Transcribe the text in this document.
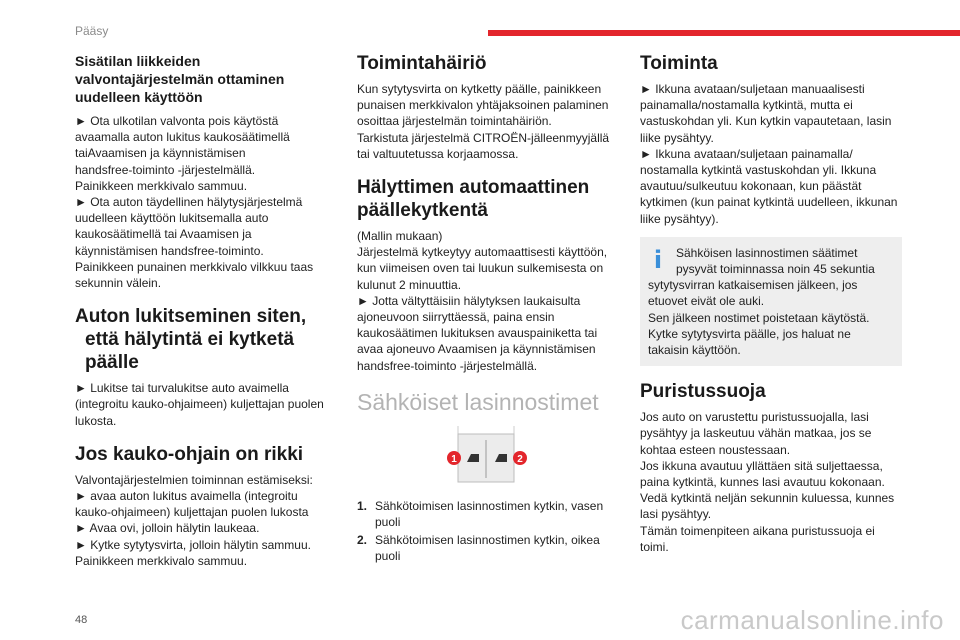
Pääsy

Sisätilan liikkeiden valvontajärjestelmän ottaminen uudelleen käyttöön

► Ota ulkotilan valvonta pois käytöstä

avaamalla auton lukitus kaukosäätimellä

taiAvaamisen ja käynnistämisen

handsfree-toiminto -järjestelmällä.

Painikkeen merkkivalo sammuu.

► Ota auton täydellinen hälytysjärjestelmä

uudelleen käyttöön lukitsemalla auto

kaukosäätimellä tai Avaamisen ja

käynnistämisen handsfree-toiminto.

Painikkeen punainen merkkivalo vilkkuu taas

sekunnin välein.

Auton lukitseminen siten, että hälytintä ei kytketä päälle

► Lukitse tai turvalukitse auto avaimella

(integroitu kauko-ohjaimeen) kuljettajan puolen

lukosta.

Jos kauko-ohjain on rikki

Valvontajärjestelmien toiminnan estämiseksi:

► avaa auton lukitus avaimella (integroitu

kauko-ohjaimeen) kuljettajan puolen lukosta

► Avaa ovi, jolloin hälytin laukeaa.

► Kytke sytytysvirta, jolloin hälytin sammuu.

Painikkeen merkkivalo sammuu.

Toimintahäiriö

Kun sytytysvirta on kytketty päälle, painikkeen

punaisen merkkivalon yhtäjaksoinen palaminen

osoittaa järjestelmän toimintahäiriön.

Tarkistuta järjestelmä CITROËN-jälleenmyyjällä

tai valtuutetussa korjaamossa.

Hälyttimen automaattinen päällekytkentä

(Mallin mukaan)

Järjestelmä kytkeytyy automaattisesti käyttöön,

kun viimeisen oven tai luukun sulkemisesta on

kulunut 2 minuuttia.

► Jotta vältyttäisiin hälytyksen laukaisulta

ajoneuvoon siirryttäessä, paina ensin

kaukosäätimen lukituksen avauspainiketta tai

avaa ajoneuvo Avaamisen ja käynnistämisen

handsfree-toiminto -järjestelmällä.

Sähköiset lasinnostimet

1	2
1. Sähkötoimisen lasinnostimen kytkin, vasen puoli
2. Sähkötoimisen lasinnostimen kytkin, oikea puoli

Toiminta

► Ikkuna avataan/suljetaan manuaalisesti

painamalla/nostamalla kytkintä, mutta ei

vastuskohdan yli. Kun kytkin vapautetaan, lasin

liike pysähtyy.

► Ikkuna avataan/suljetaan painamalla/

nostamalla kytkintä vastuskohdan yli. Ikkuna

avautuu/sulkeutuu kokonaan, kun päästät

kytkimen (kun painat kytkintä uudelleen, ikkunan

liike pysähtyy).

i	Sähköisen lasinnostimen säätimet

pysyvät toiminnassa noin 45 sekuntia

sytytysvirran katkaisemisen jälkeen, jos

etuovet eivät ole auki.

Sen jälkeen nostimet poistetaan käytöstä.

Kytke sytytysvirta päälle, jos haluat ne

takaisin käyttöön.

Puristussuoja

Jos auto on varustettu puristussuojalla, lasi

pysähtyy ja laskeutuu vähän matkaa, jos se

kohtaa esteen noustessaan.

Jos ikkuna avautuu yllättäen sitä suljettaessa,

paina kytkintä, kunnes lasi avautuu kokonaan.

Vedä kytkintä neljän sekunnin kuluessa, kunnes

lasi pysähtyy.

Tämän toimenpiteen aikana puristussuoja ei

toimi.

48	carmanualsonline.info
